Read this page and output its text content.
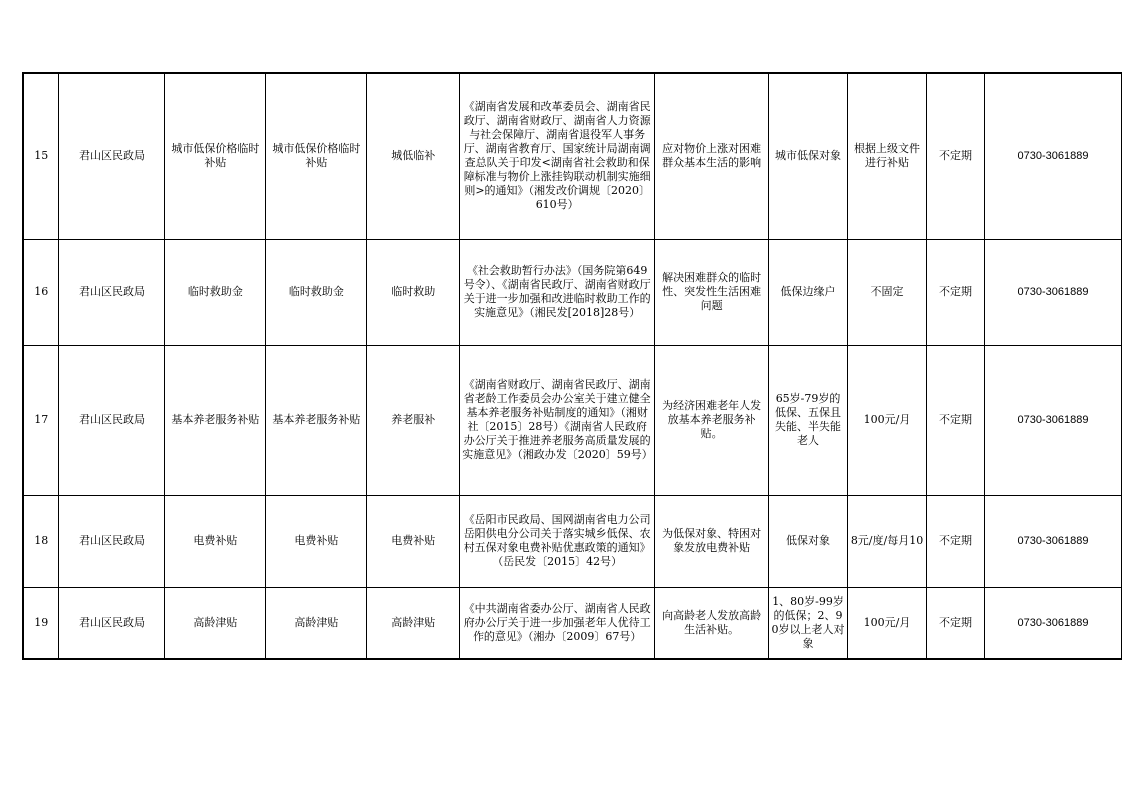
15	君山区民政局	城市低保价格临时补贴	城市低保价格临时补贴	城低临补	《湖南省发展和改革委员会、湖南省民政厅、湖南省财政厅、湖南省人力资源与社会保障厅、湖南省退役军人事务厅、湖南省教育厅、国家统计局湖南调查总队关于印发<湖南省社会救助和保障标准与物价上涨挂钩联动机制实施细则>的通知》（湘发改价调规〔2020〕610号）	应对物价上涨对困难群众基本生活的影响	城市低保对象	根据上级文件进行补贴	不定期	0730-3061889
16	君山区民政局	临时救助金	临时救助金	临时救助	《社会救助暂行办法》（国务院第649号令）、《湖南省民政厅、湖南省财政厅关于进一步加强和改进临时救助工作的实施意见》（湘民发[2018]28号）	解决困难群众的临时性、突发性生活困难问题	低保边缘户	不固定	不定期	0730-3061889
17	君山区民政局	基本养老服务补贴	基本养老服务补贴	养老服补	《湖南省财政厅、湖南省民政厅、湖南省老龄工作委员会办公室关于建立健全基本养老服务补贴制度的通知》（湘财社〔2015〕28号）《湖南省人民政府办公厅关于推进养老服务高质量发展的实施意见》（湘政办发〔2020〕59号）	为经济困难老年人发放基本养老服务补贴。	65岁-79岁的低保、五保且失能、半失能老人	100元/月	不定期	0730-3061889
18	君山区民政局	电费补贴	电费补贴	电费补贴	《岳阳市民政局、国网湖南省电力公司岳阳供电分公司关于落实城乡低保、农村五保对象电费补贴优惠政策的通知》（岳民发〔2015〕42号）	为低保对象、特困对象发放电费补贴	低保对象	8元/度/每月10	不定期	0730-3061889
19	君山区民政局	高龄津贴	高龄津贴	高龄津贴	《中共湖南省委办公厅、湖南省人民政府办公厅关于进一步加强老年人优待工作的意见》（湘办〔2009〕67号）	向高龄老人发放高龄生活补贴。	1、80岁-99岁的低保；2、90岁以上老人对象	100元/月	不定期	0730-3061889
